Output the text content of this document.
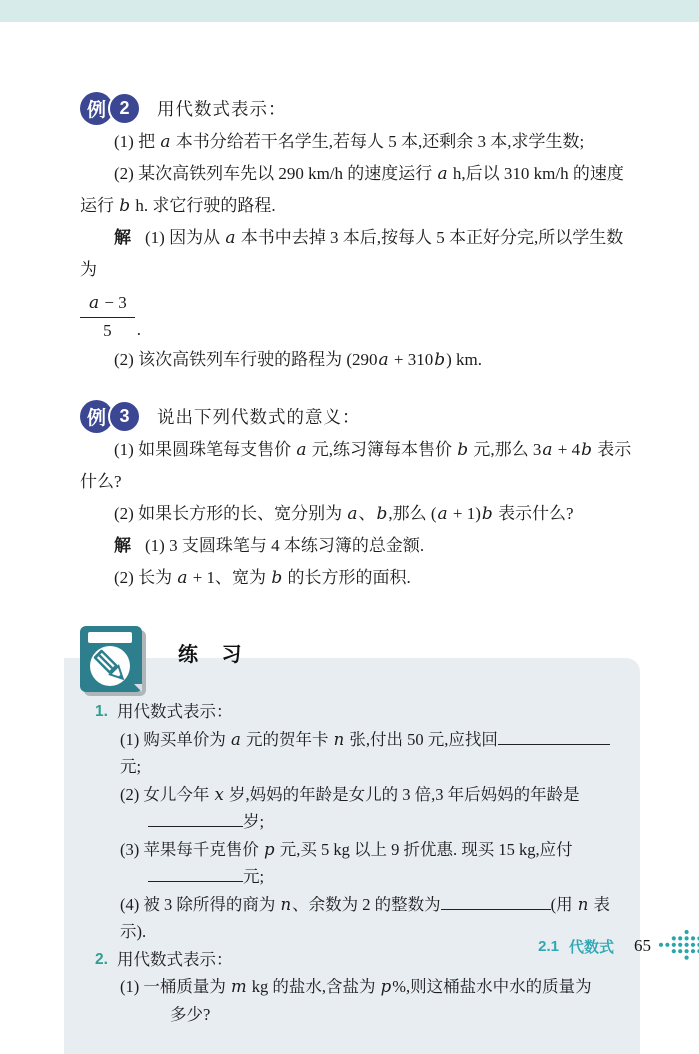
例 2	用代数式表示：

(1) 把 a 本书分给若干名学生,若每人 5 本,还剩余 3 本,求学生数;

(2) 某次高铁列车先以 290 km/h 的速度运行 a h,后以 310 km/h 的速度

运行 b h. 求它行驶的路程.

解 (1) 因为从 a 本书中去掉 3 本后,按每人 5 本正好分完,所以学生数为

$\frac{a - 3}{5}$ .

(2) 该次高铁列车行驶的路程为 (290a + 310b) km.

例 3	说出下列代数式的意义：

(1) 如果圆珠笔每支售价 a 元,练习簿每本售价 b 元,那么 3a + 4b 表示

什么?

(2) 如果长方形的长、宽分别为 a、b,那么 (a + 1)b 表示什么?

解 (1) 3 支圆珠笔与 4 本练习簿的总金额.

(2) 长为 a + 1、宽为 b 的长方形的面积.

练 习
1. 用代数式表示：
(1) 购买单价为 a 元的贺年卡 n 张,付出 50 元,应找回元;
(2) 女儿今年 x 岁,妈妈的年龄是女儿的 3 倍,3 年后妈妈的年龄是
岁;
(3) 苹果每千克售价 p 元,买 5 kg 以上 9 折优惠. 现买 15 kg,应付
元;
(4) 被 3 除所得的商为 n、余数为 2 的整数为	(用 n 表示).
2. 用代数式表示：
(1) 一桶质量为 m kg 的盐水,含盐为 p%,则这桶盐水中水的质量为
多少?
2.1 代数式 65
